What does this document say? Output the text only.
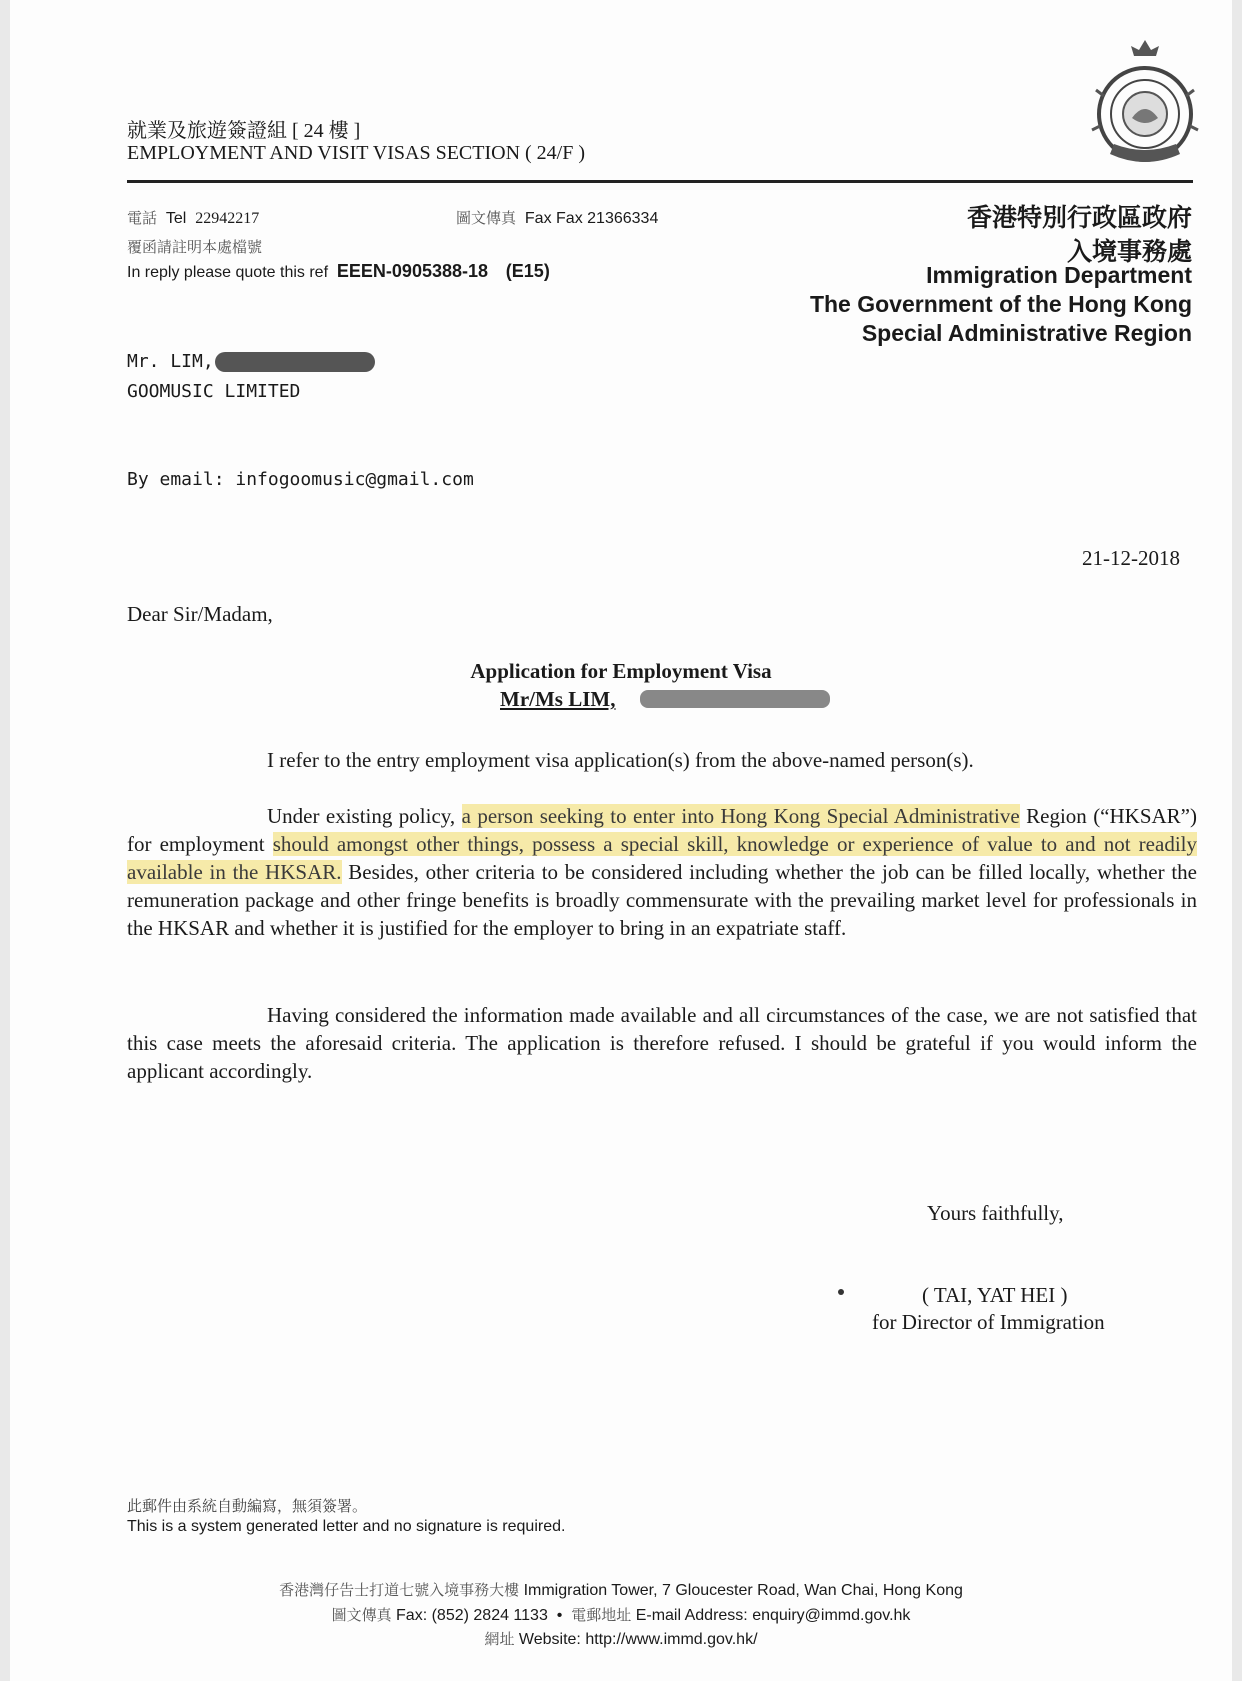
就業及旅遊簽證組 [ 24 樓 ]
EMPLOYMENT AND VISIT VISAS SECTION ( 24/F )
電話 Tel 22942217	圖文傳真 Fax Fax 21366334
覆函請註明本處檔號
In reply please quote this ref EEEN-0905388-18 (E15)
香港特別行政區政府
入境事務處
Immigration Department
The Government of the Hong Kong
Special Administrative Region
Mr. LIM,
GOOMUSIC LIMITED
By email: infogoomusic@gmail.com
21-12-2018
Dear Sir/Madam,
Application for Employment Visa
Mr/Ms LIM,

I refer to the entry employment visa application(s) from the above-named person(s).

Under existing policy, a person seeking to enter into Hong Kong Special Administrative Region (“HKSAR”) for employment should amongst other things, possess a special skill, knowledge or experience of value to and not readily available in the HKSAR. Besides, other criteria to be considered including whether the job can be filled locally, whether the remuneration package and other fringe benefits is broadly commensurate with the prevailing market level for professionals in the HKSAR and whether it is justified for the employer to bring in an expatriate staff.

Having considered the information made available and all circumstances of the case, we are not satisfied that this case meets the aforesaid criteria. The application is therefore refused. I should be grateful if you would inform the applicant accordingly.

Yours faithfully,
( TAI, YAT HEI )
for Director of Immigration
此郵件由系統自動編寫，無須簽署。
This is a system generated letter and no signature is required.
香港灣仔告士打道七號入境事務大樓 Immigration Tower, 7 Gloucester Road, Wan Chai, Hong Kong
圖文傳真 Fax: (852) 2824 1133  •  電郵地址 E-mail Address: enquiry@immd.gov.hk
網址 Website: http://www.immd.gov.hk/
